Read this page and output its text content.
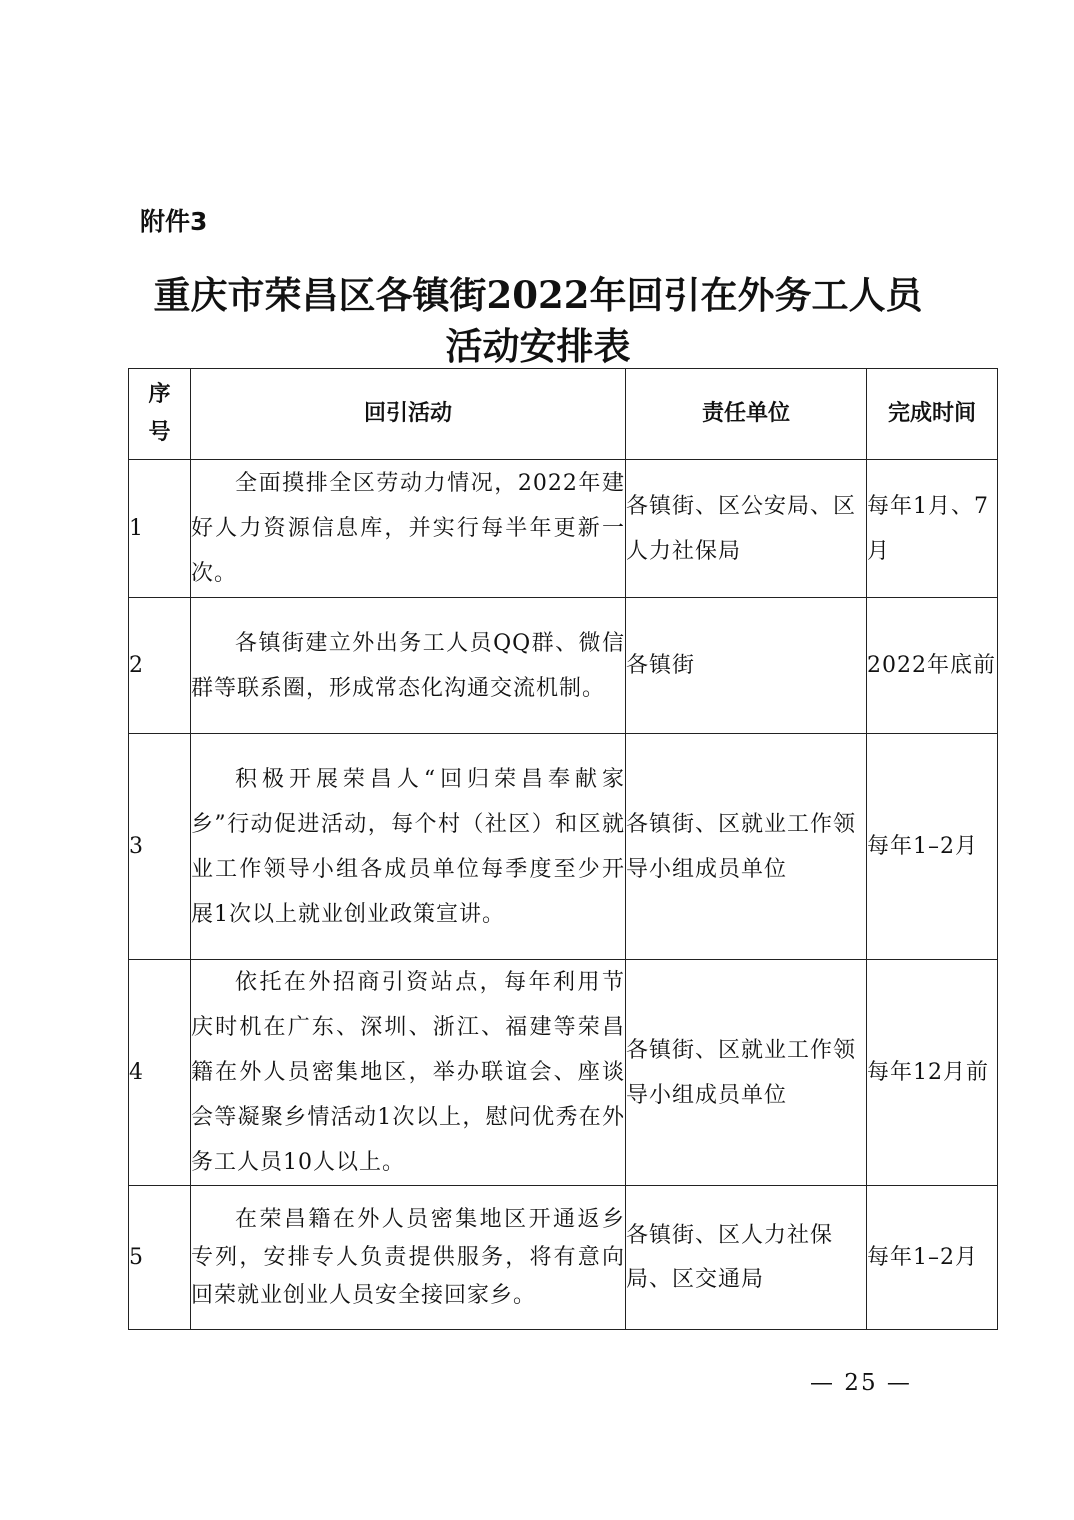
附件3
重庆市荣昌区各镇街2022年回引在外务工人员
活动安排表
序号	回引活动	责任单位	完成时间
1	全面摸排全区劳动力情况，2022年建好人力资源信息库，并实行每半年更新一次。	各镇街、区公安局、区人力社保局	每年1月、7月
2	各镇街建立外出务工人员QQ群、微信群等联系圈，形成常态化沟通交流机制。	各镇街	2022年底前
3	积极开展荣昌人“回归荣昌奉献家乡”行动促进活动，每个村（社区）和区就业工作领导小组各成员单位每季度至少开展1次以上就业创业政策宣讲。	各镇街、区就业工作领导小组成员单位	每年1–2月
4	依托在外招商引资站点，每年利用节庆时机在广东、深圳、浙江、福建等荣昌籍在外人员密集地区，举办联谊会、座谈会等凝聚乡情活动1次以上，慰问优秀在外务工人员10人以上。	各镇街、区就业工作领导小组成员单位	每年12月前
5	在荣昌籍在外人员密集地区开通返乡专列，安排专人负责提供服务，将有意向回荣就业创业人员安全接回家乡。	各镇街、区人力社保局、区交通局	每年1–2月
— 25 —
